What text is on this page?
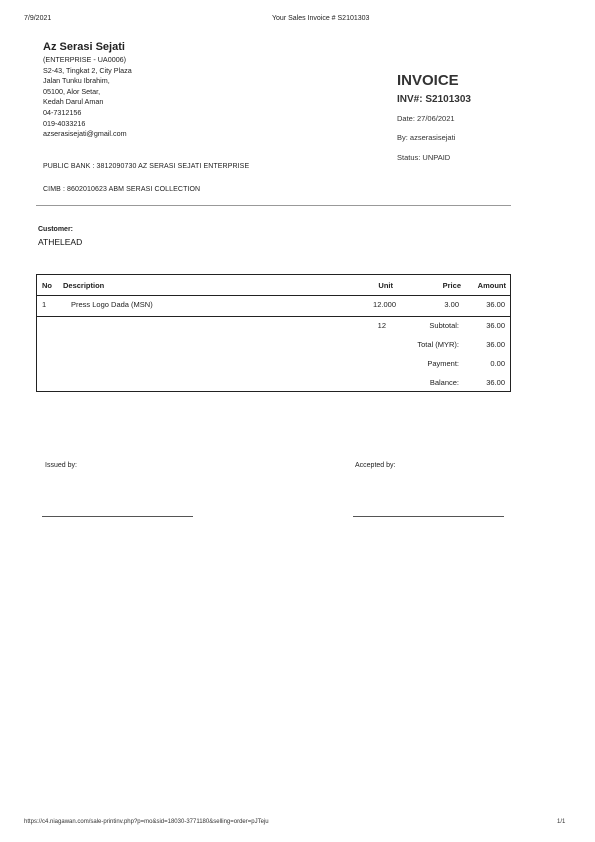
7/9/2021	Your Sales Invoice # S2101303
Az Serasi Sejati
(ENTERPRISE - UA0006)
S2-43, Tingkat 2, City Plaza
Jalan Tunku Ibrahim,
05100, Alor Setar,
Kedah Darul Aman
04-7312156
019-4033216
azserasisejati@gmail.com
PUBLIC BANK : 3812090730 AZ SERASI SEJATI ENTERPRISE
CIMB : 8602010623 ABM SERASI COLLECTION
INVOICE
INV#: S2101303
Date: 27/06/2021
By: azserasisejati
Status: UNPAID
Customer:
ATHELEAD
No Description	Unit	Price Amount
1	Press Logo Dada (MSN)	12.000	3.00	36.00
12	Subtotal:	36.00
Total (MYR):	36.00
Payment:	0.00
Balance:	36.00
Issued by:	Accepted by:
https://c4.niagawan.com/sale-printinv.php?p=mo&sid=18030-3771180&selling=order=pJTeju	1/1
